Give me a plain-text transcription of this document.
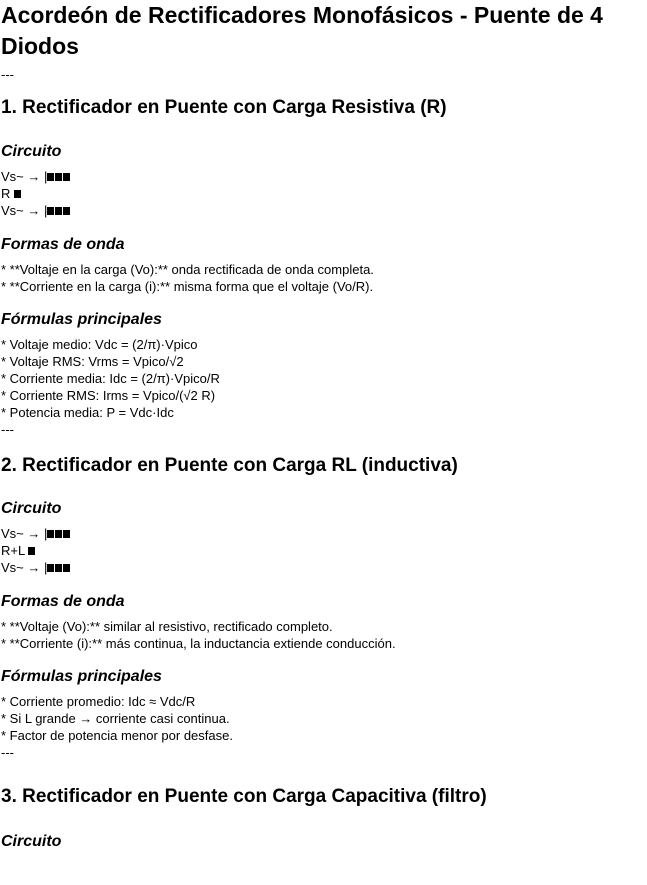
Acordeón de Rectificadores Monofásicos - Puente de 4 Diodos
---
1. Rectificador en Puente con Carga Resistiva (R)
Circuito
Vs~ → |
R
Vs~ → |
Formas de onda
* **Voltaje en la carga (Vo):** onda rectificada de onda completa.
* **Corriente en la carga (i):** misma forma que el voltaje (Vo/R).
Fórmulas principales
* Voltaje medio: Vdc = (2/π)·Vpico
* Voltaje RMS: Vrms = Vpico/√2
* Corriente media: Idc = (2/π)·Vpico/R
* Corriente RMS: Irms = Vpico/(√2 R)
* Potencia media: P = Vdc·Idc
---
2. Rectificador en Puente con Carga RL (inductiva)
Circuito
Vs~ → |
R+L
Vs~ → |
Formas de onda
* **Voltaje (Vo):** similar al resistivo, rectificado completo.
* **Corriente (i):** más continua, la inductancia extiende conducción.
Fórmulas principales
* Corriente promedio: Idc ≈ Vdc/R
* Si L grande → corriente casi continua.
* Factor de potencia menor por desfase.
---
3. Rectificador en Puente con Carga Capacitiva (filtro)
Circuito
